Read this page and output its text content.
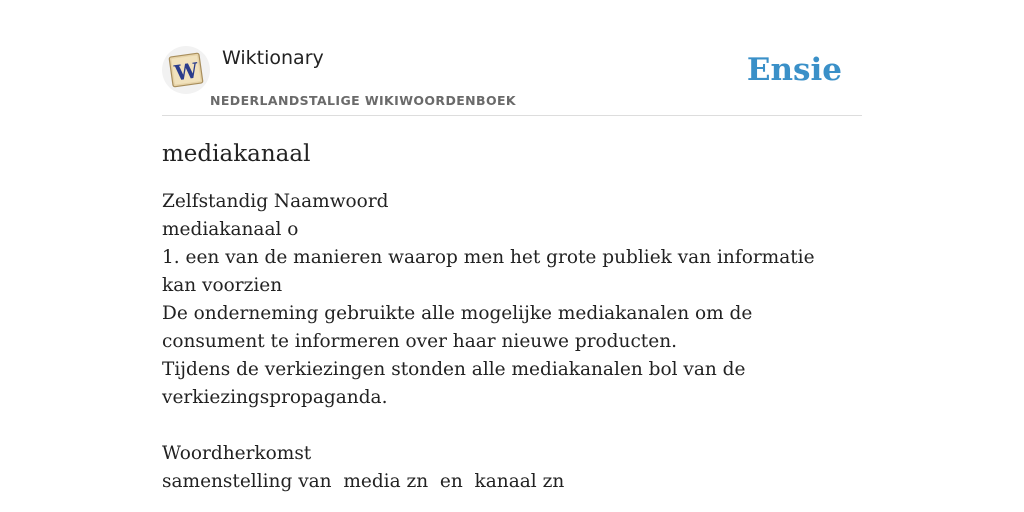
W Wiktionary
NEDERLANDSTALIGE WIKIWOORDENBOEK
Ensie
mediakanaal

Zelfstandig Naamwoord

mediakanaal o

1. een van de manieren waarop men het grote publiek van informatie kan voorzien

De onderneming gebruikte alle mogelijke mediakanalen om de consument te informeren over haar nieuwe producten.

Tijdens de verkiezingen stonden alle mediakanalen bol van de verkiezingspropaganda.

Woordherkomst

samenstelling van  media zn  en  kanaal zn
